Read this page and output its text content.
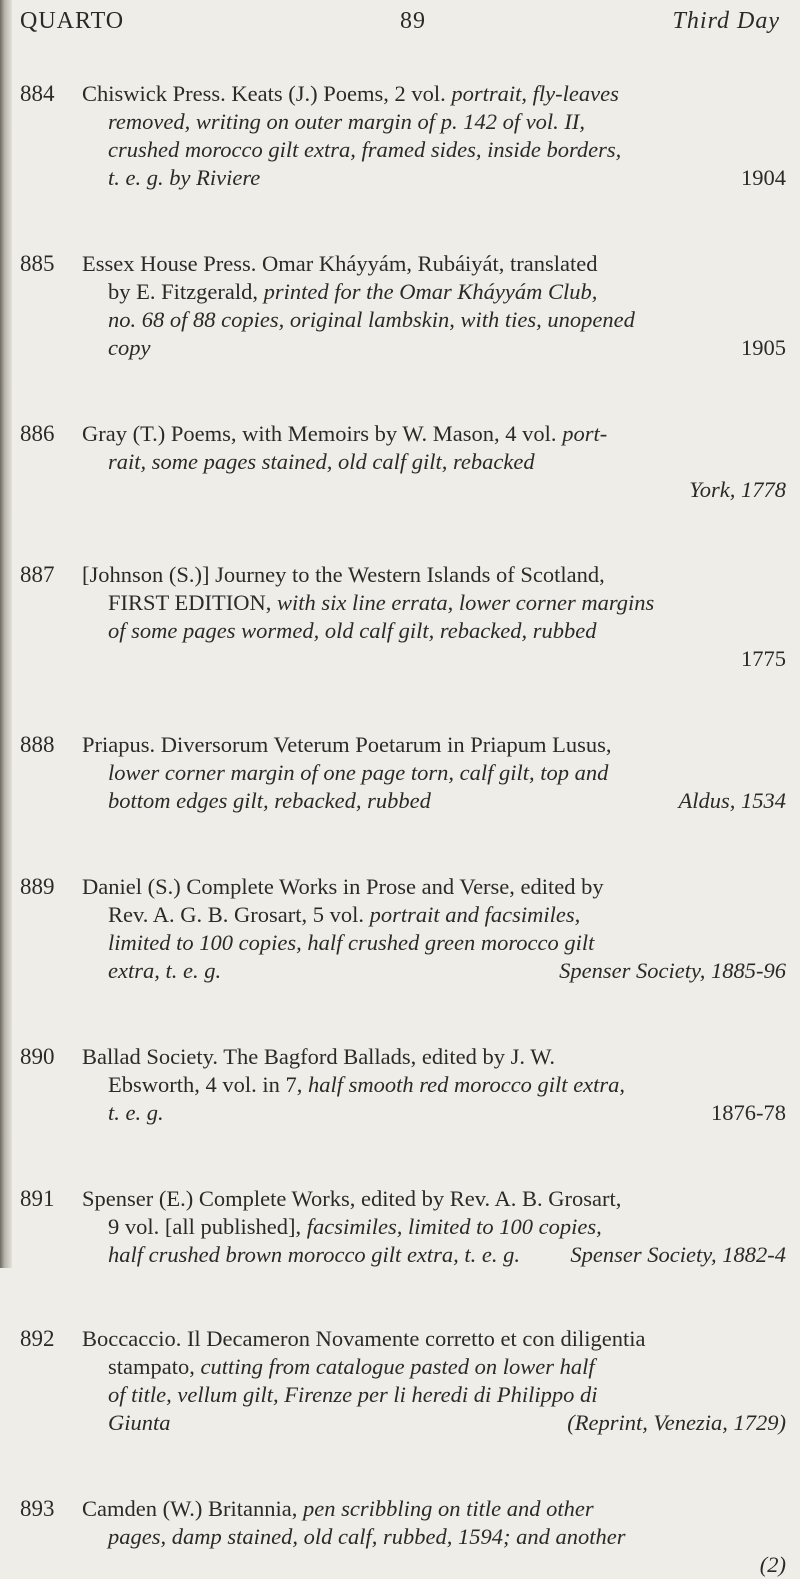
QUARTO	89	Third Day
884	Chiswick Press. Keats (J.) Poems, 2 vol. portrait, fly-leaves
removed, writing on outer margin of p. 142 of vol. II,
crushed morocco gilt extra, framed sides, inside borders,
t. e. g. by Riviere	1904
885	Essex House Press. Omar Kháyyám, Rubáiyát, translated
by E. Fitzgerald, printed for the Omar Kháyyám Club,
no. 68 of 88 copies, original lambskin, with ties, unopened
copy	1905
886	Gray (T.) Poems, with Memoirs by W. Mason, 4 vol. port-
rait, some pages stained, old calf gilt, rebacked
York, 1778
887	[Johnson (S.)] Journey to the Western Islands of Scotland,
FIRST EDITION, with six line errata, lower corner margins
of some pages wormed, old calf gilt, rebacked, rubbed
1775
888	Priapus. Diversorum Veterum Poetarum in Priapum Lusus,
lower corner margin of one page torn, calf gilt, top and
bottom edges gilt, rebacked, rubbed	Aldus, 1534
889	Daniel (S.) Complete Works in Prose and Verse, edited by
Rev. A. G. B. Grosart, 5 vol. portrait and facsimiles,
limited to 100 copies, half crushed green morocco gilt
extra, t. e. g.	Spenser Society, 1885-96
890	Ballad Society. The Bagford Ballads, edited by J. W.
Ebsworth, 4 vol. in 7, half smooth red morocco gilt extra,
t. e. g.	1876-78
891	Spenser (E.) Complete Works, edited by Rev. A. B. Grosart,
9 vol. [all published], facsimiles, limited to 100 copies,
half crushed brown morocco gilt extra, t. e. g. Spenser Society, 1882-4
892	Boccaccio. Il Decameron Novamente corretto et con diligentia
stampato, cutting from catalogue pasted on lower half
of title, vellum gilt, Firenze per li heredi di Philippo di
Giunta	(Reprint, Venezia, 1729)
893	Camden (W.) Britannia, pen scribbling on title and other
pages, damp stained, old calf, rubbed, 1594; and another
(2)
